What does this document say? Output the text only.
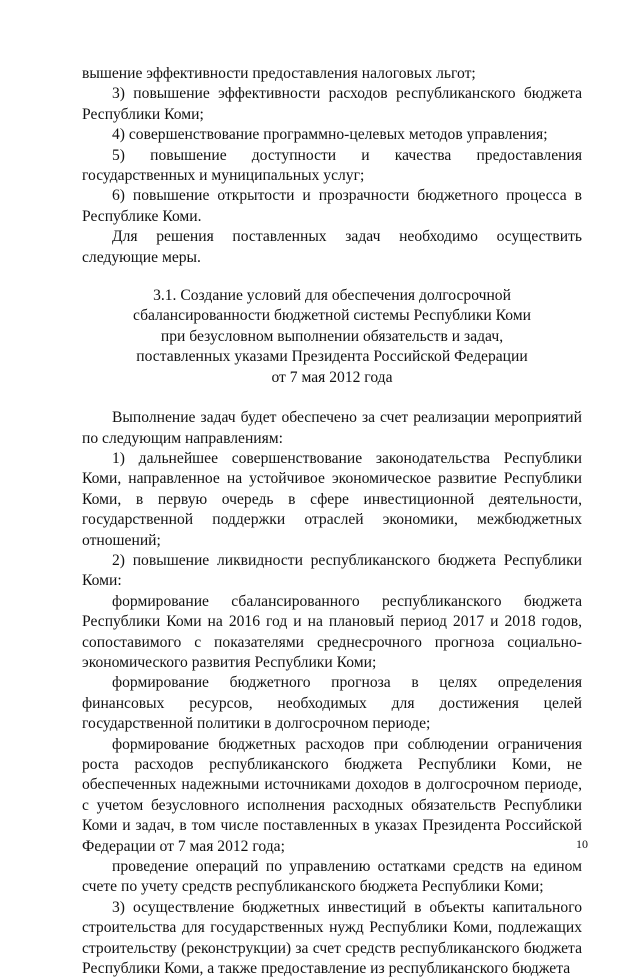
вышение эффективности предоставления налоговых льгот;

3) повышение эффективности расходов республиканского бюджета Республики Коми;

4) совершенствование программно-целевых методов управления;

5) повышение доступности и качества предоставления государственных и муниципальных услуг;

6) повышение открытости и прозрачности бюджетного процесса в Республике Коми.

Для решения поставленных задач необходимо осуществить следующие меры.

3.1. Создание условий для обеспечения долгосрочной
сбалансированности бюджетной системы Республики Коми
при безусловном выполнении обязательств и задач,
поставленных указами Президента Российской Федерации
от 7 мая 2012 года

Выполнение задач будет обеспечено за счет реализации мероприятий по следующим направлениям:

1) дальнейшее совершенствование законодательства Республики Коми, направленное на устойчивое экономическое развитие Республики Коми, в первую очередь в сфере инвестиционной деятельности, государственной поддержки отраслей экономики, межбюджетных отношений;

2) повышение ликвидности республиканского бюджета Республики Коми:

формирование сбалансированного республиканского бюджета Республики Коми на 2016 год и на плановый период 2017 и 2018 годов, сопоставимого с показателями среднесрочного прогноза социально-экономического развития Республики Коми;

формирование бюджетного прогноза в целях определения финансовых ресурсов, необходимых для достижения целей государственной политики в долгосрочном периоде;

формирование бюджетных расходов при соблюдении ограничения роста расходов республиканского бюджета Республики Коми, не обеспеченных надежными источниками доходов в долгосрочном периоде, с учетом безусловного исполнения расходных обязательств Республики Коми и задач, в том числе поставленных в указах Президента Российской Федерации от 7 мая 2012 года;

проведение операций по управлению остатками средств на едином счете по учету средств республиканского бюджета Республики Коми;

3) осуществление бюджетных инвестиций в объекты капитального строительства для государственных нужд Республики Коми, подлежащих строительству (реконструкции) за счет средств республиканского бюджета Республики Коми, а также предоставление из республиканского бюджета

10
